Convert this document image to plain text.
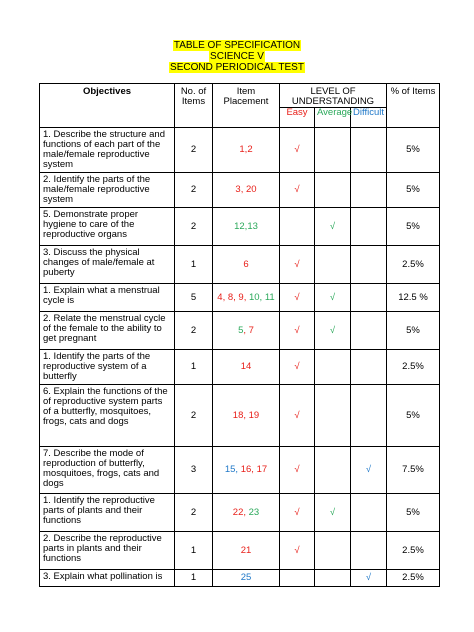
TABLE OF SPECIFICATION
SCIENCE V
SECOND PERIODICAL TEST
Objectives	No. of Items	Item Placement	LEVEL OF UNDERSTANDING			% of Items
			Easy	Average	Difficult	
1. Describe the structure and functions of each part of the male/female reproductive system	2	1,2	√			5%
2. Identify the parts of the male/female reproductive system	2	3, 20	√			5%
5. Demonstrate proper hygiene to care of the reproductive organs	2	12,13		√		5%
3. Discuss the physical changes of male/female at puberty	1	6	√			2.5%
1. Explain what a menstrual cycle is	5	4, 8, 9, 10, 11	√	√		12.5 %
2. Relate the menstrual cycle of the female to the ability to get pregnant	2	5, 7	√	√		5%
1. Identify the parts of the reproductive system of a butterfly	1	14	√			2.5%
6. Explain the functions of the of reproductive system parts of a butterfly, mosquitoes, frogs, cats and dogs	2	18, 19	√			5%
7. Describe the mode of reproduction of butterfly, mosquitoes, frogs, cats and dogs	3	15, 16, 17	√		√	7.5%
1. Identify the reproductive parts of plants and their functions	2	22, 23	√	√		5%
2. Describe the reproductive parts in plants and their functions	1	21	√			2.5%
3. Explain what pollination is	1	25			√	2.5%
